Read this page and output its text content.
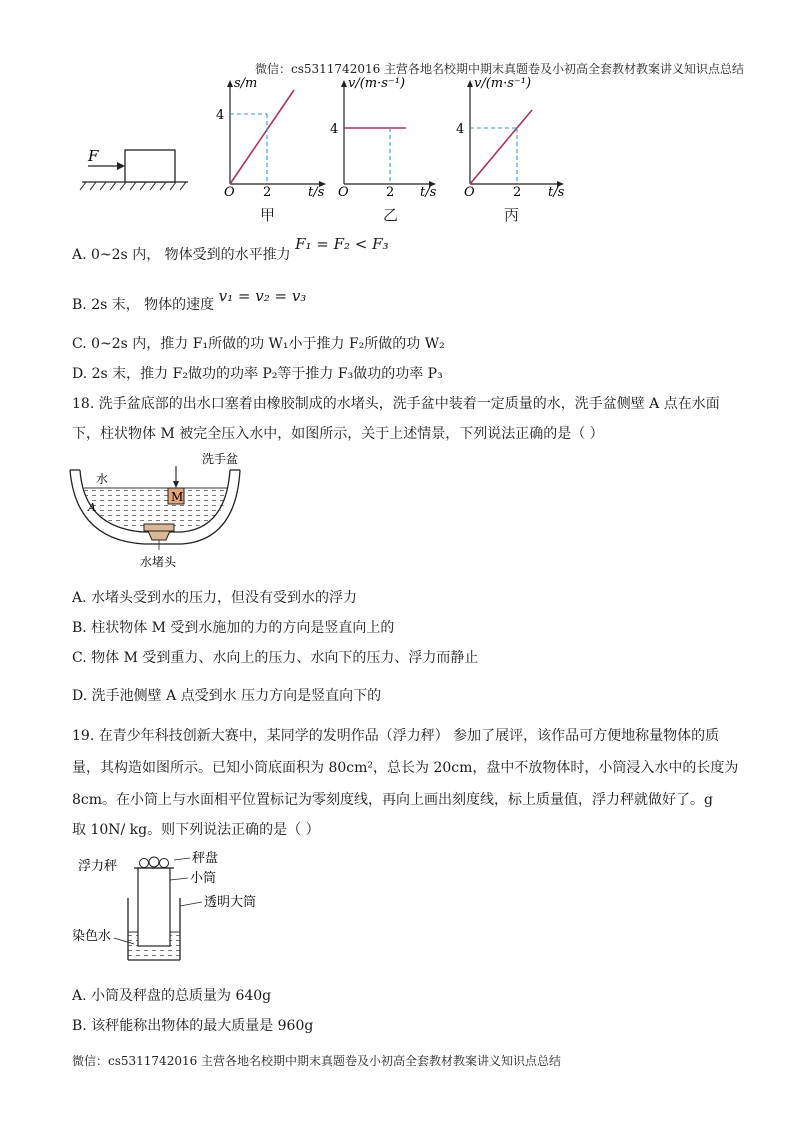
微信：cs5311742016 主营各地名校期中期末真题卷及小初高全套教材教案讲义知识点总结
F
s/m
4
O 2	t/s
甲
v/(m·s⁻¹)
4
O	2 t/s
乙
v/(m·s⁻¹)
4
O	2 t/s
丙
A. 0~2s 内， 物体受到的水平推力 F₁ = F₂ < F₃
B. 2s 末， 物体的速度 v₁ = v₂ = v₃
C. 0~2s 内，推力 F₁所做的功 W₁小于推力 F₂所做的功 W₂
D. 2s 末，推力 F₂做功的功率 P₂等于推力 F₃做功的功率 P₃
18. 洗手盆底部的出水口塞着由橡胶制成的水堵头，洗手盆中装着一定质量的水，洗手盆侧壁 A 点在水面
下，柱状物体 M 被完全压入水中，如图所示，关于上述情景，下列说法正确的是（ ）
M
洗手盆
水
A
水堵头
A. 水堵头受到水的压力，但没有受到水的浮力
B. 柱状物体 M 受到水施加的力的方向是竖直向上的
C. 物体 M 受到重力、水向上的压力、水向下的压力、浮力而静止
D. 洗手池侧壁 A 点受到水 压力方向是竖直向下的
19. 在青少年科技创新大赛中，某同学的发明作品（浮力秤） 参加了展评，该作品可方便地称量物体的质
量，其构造如图所示。已知小筒底面积为 80cm²，总长为 20cm，盘中不放物体时，小筒浸入水中的长度为
8cm。在小筒上与水面相平位置标记为零刻度线，再向上画出刻度线，标上质量值，浮力秤就做好了。g
取 10N/ kg。则下列说法正确的是（ ）
浮力秤
秤盘
小筒
透明大筒
染色水
A. 小筒及秤盘的总质量为 640g
B. 该秤能称出物体的最大质量是 960g
微信：cs5311742016 主营各地名校期中期末真题卷及小初高全套教材教案讲义知识点总结
